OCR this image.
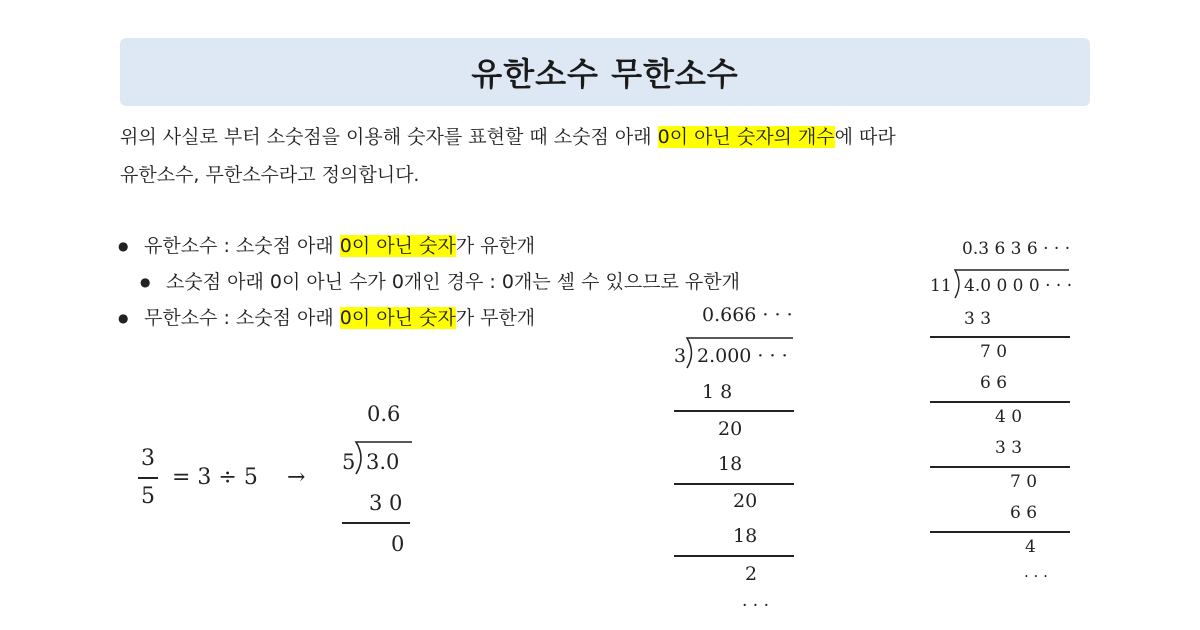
유한소수 무한소수
위의 사실로 부터 소숫점을 이용해 숫자를 표현할 때 소숫점 아래 0이 아닌 숫자의 개수에 따라
유한소수, 무한소수라고 정의합니다.
● 유한소수 : 소숫점 아래 0이 아닌 숫자가 유한개
● 소숫점 아래 0이 아닌 수가 0개인 경우 : 0개는 셀 수 있으므로 유한개
● 무한소수 : 소숫점 아래 0이 아닌 숫자가 무한개
3
5
= 3 ÷ 5 →
0.6
5 3.0
3 0
0
0.666 · · ·
3 2.000 · · ·
1 8
20
18
20
18
2
· · ·
0.3 6 3 6 · · ·
11 4.0 0 0 0 · · ·
3 3
7 0
6 6
4 0
3 3
7 0
6 6
4
· · ·
